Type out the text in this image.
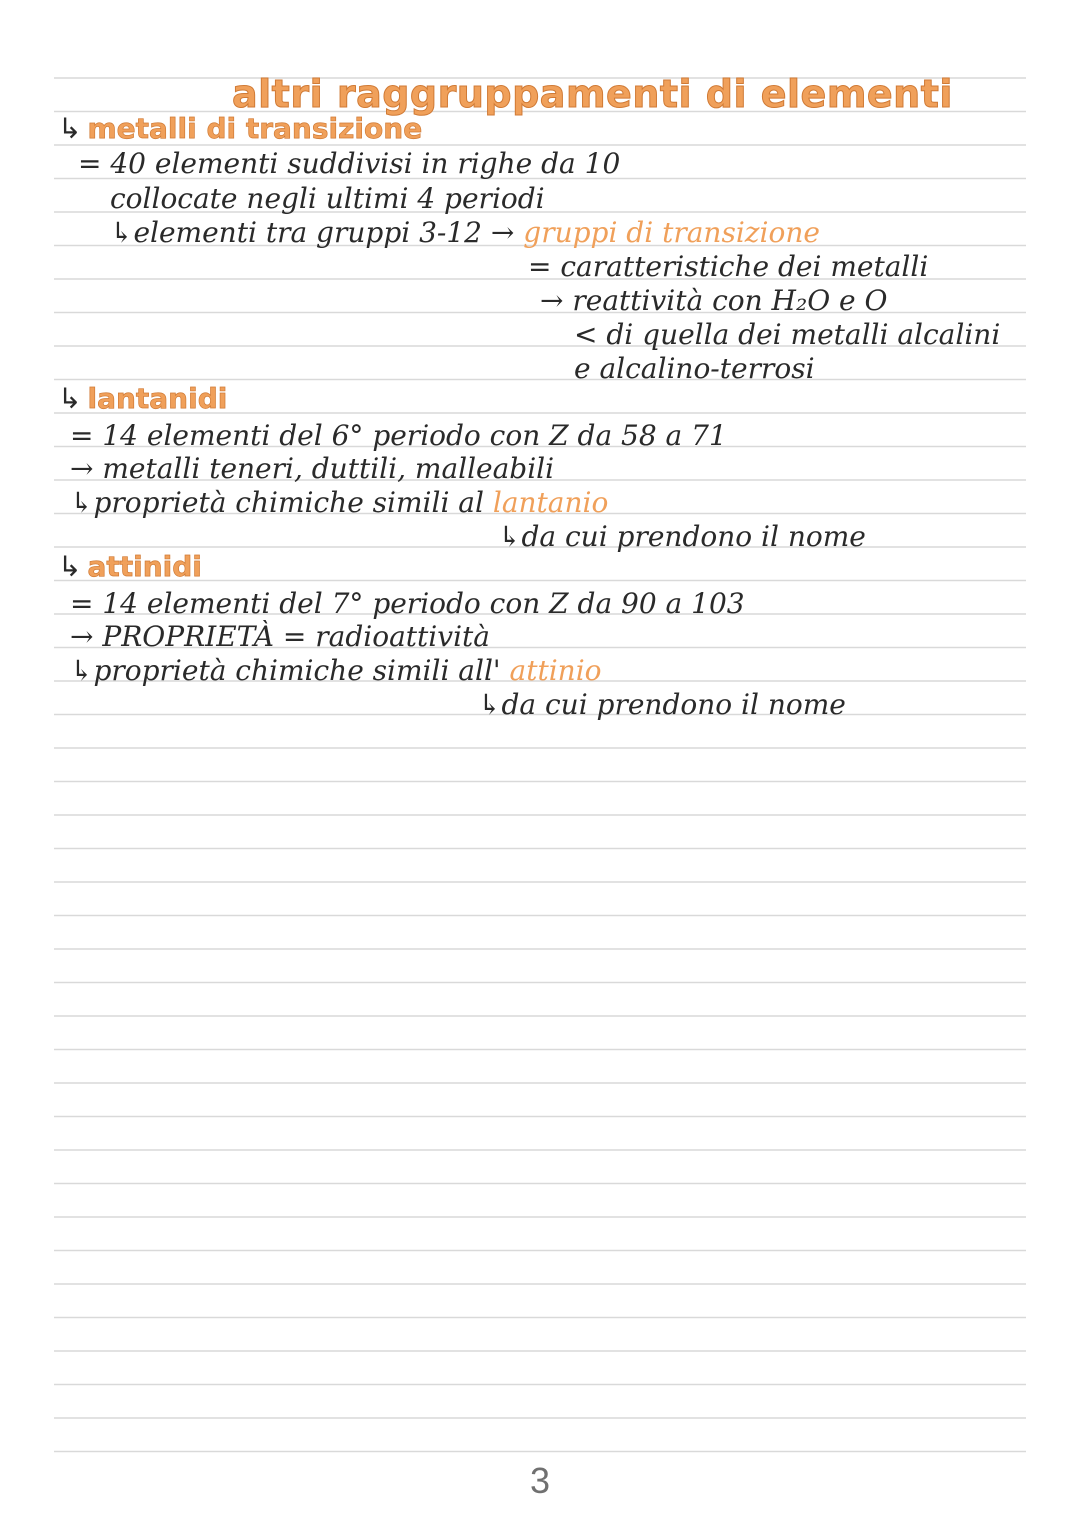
altri raggruppamenti di elementi
↳ metalli di transizione
= 40 elementi suddivisi in righe da 10
collocate negli ultimi 4 periodi
↳elementi tra gruppi 3-12 → gruppi di transizione
= caratteristiche dei metalli
→ reattività con H₂O e O
< di quella dei metalli alcalini
e alcalino-terrosi
↳ lantanidi
= 14 elementi del 6° periodo con Z da 58 a 71
→ metalli teneri, duttili, malleabili
↳proprietà chimiche simili al lantanio
↳da cui prendono il nome
↳ attinidi
= 14 elementi del 7° periodo con Z da 90 a 103
→ PROPRIETÀ = radioattività
↳proprietà chimiche simili all' attinio
↳da cui prendono il nome
3
